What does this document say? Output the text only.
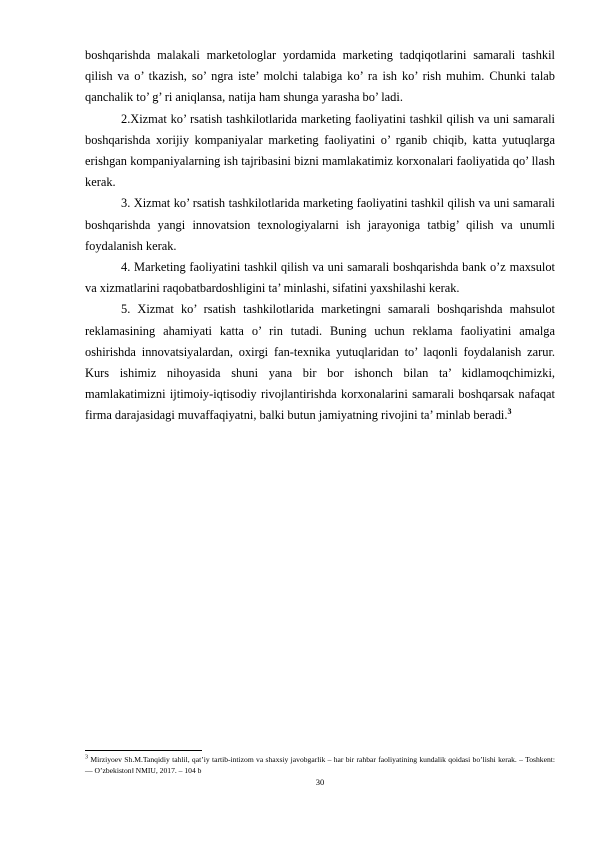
boshqarishda malakali marketologlar yordamida marketing tadqiqotlarini samarali tashkil qilish va o’ tkazish, so’ ngra iste’ molchi talabiga ko’ ra ish ko’ rish muhim. Chunki talab qanchalik to’ g’ ri aniqlansa, natija ham shunga yarasha bo’ ladi.

2.Xizmat ko’ rsatish tashkilotlarida marketing faoliyatini tashkil qilish va uni samarali boshqarishda xorijiy kompaniyalar marketing faoliyatini o’ rganib chiqib, katta yutuqlarga erishgan kompaniyalarning ish tajribasini bizni mamlakatimiz korxonalari faoliyatida qo’ llash kerak.

3. Xizmat ko’ rsatish tashkilotlarida marketing faoliyatini tashkil qilish va uni samarali boshqarishda yangi innovatsion texnologiyalarni ish jarayoniga tatbig’ qilish va unumli foydalanish kerak.

4. Marketing faoliyatini tashkil qilish va uni samarali boshqarishda bank o’z maxsulot va xizmatlarini raqobatbardoshligini ta’ minlashi, sifatini yaxshilashi kerak.

5. Xizmat ko’ rsatish tashkilotlarida marketingni samarali boshqarishda mahsulot reklamasining ahamiyati katta o’ rin tutadi. Buning uchun reklama faoliyatini amalga oshirishda innovatsiyalardan, oxirgi fan-texnika yutuqlaridan to’ laqonli foydalanish zarur. Kurs ishimiz nihoyasida shuni yana bir bor ishonch bilan ta’ kidlamoqchimizki, mamlakatimizni ijtimoiy-iqtisodiy rivojlantirishda korxonalarini samarali boshqarsak nafaqat firma darajasidagi muvaffaqiyatni, balki butun jamiyatning rivojini ta’ minlab beradi.$^3$

$^3$ Mirziyoev Sh.M.Tanqidiy tahlil, qat’iy tartib-intizom va shaxsiy javobgarlik – har bir rahbar faoliyatining kundalik qoidasi bo’lishi kerak. – Toshkent: ― O’zbekiston‖ NMIU, 2017. – 104 b

30
